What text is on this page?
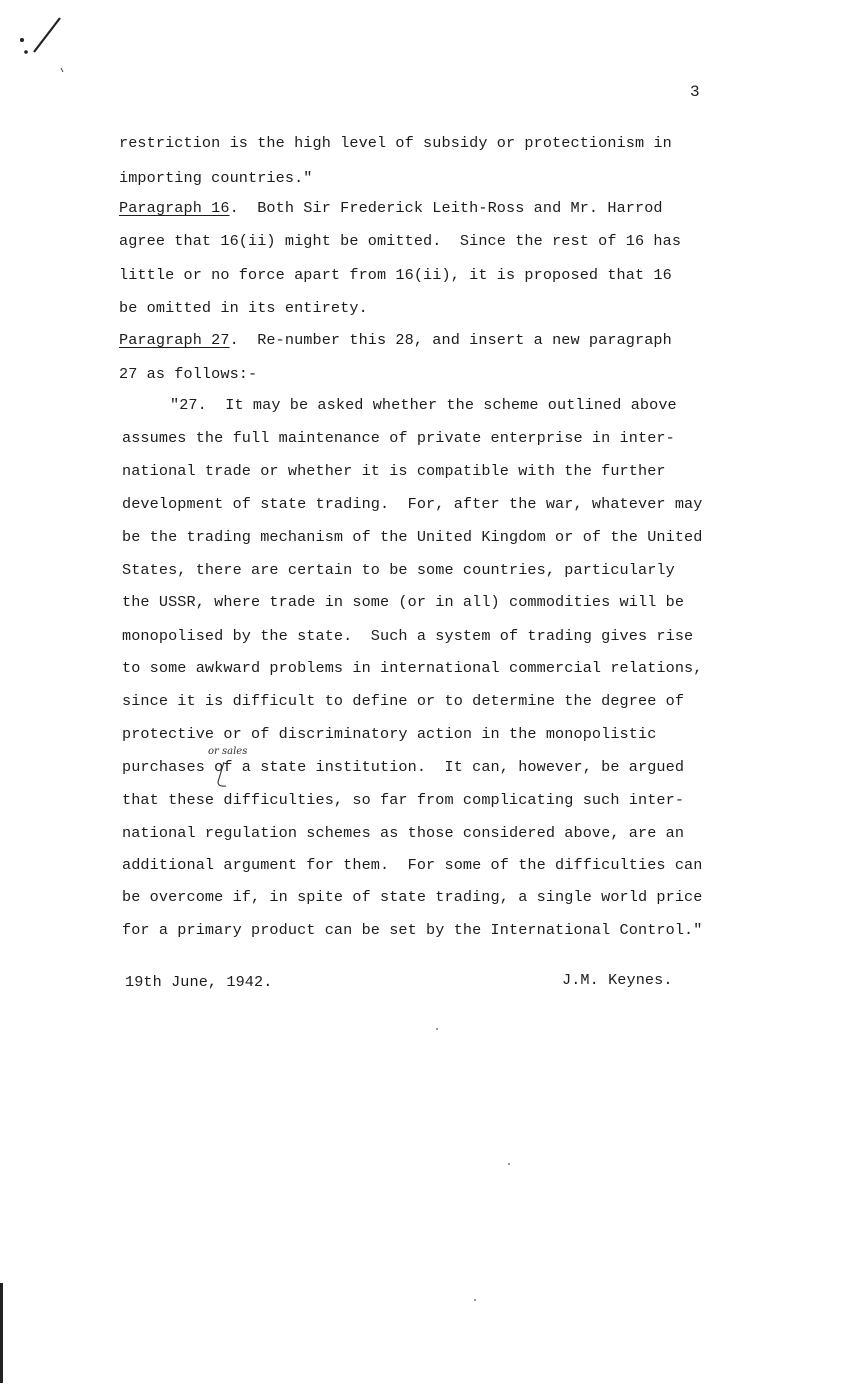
3
restriction is the high level of subsidy or protectionism in
importing countries."
Paragraph 16.  Both Sir Frederick Leith-Ross and Mr. Harrod
agree that 16(ii) might be omitted.  Since the rest of 16 has
little or no force apart from 16(ii), it is proposed that 16
be omitted in its entirety.
Paragraph 27.  Re-number this 28, and insert a new paragraph
27 as follows:-
"27.  It may be asked whether the scheme outlined above
assumes the full maintenance of private enterprise in inter-
national trade or whether it is compatible with the further
development of state trading.  For, after the war, whatever may
be the trading mechanism of the United Kingdom or of the United
States, there are certain to be some countries, particularly
the USSR, where trade in some (or in all) commodities will be
monopolised by the state.  Such a system of trading gives rise
to some awkward problems in international commercial relations,
since it is difficult to define or to determine the degree of
protective or of discriminatory action in the monopolistic
purchases of a state institution.  It can, however, be argued
that these difficulties, so far from complicating such inter-
national regulation schemes as those considered above, are an
additional argument for them.  For some of the difficulties can
be overcome if, in spite of state trading, a single world price
for a primary product can be set by the International Control."
or sales
19th June, 1942.	J.M. Keynes.
